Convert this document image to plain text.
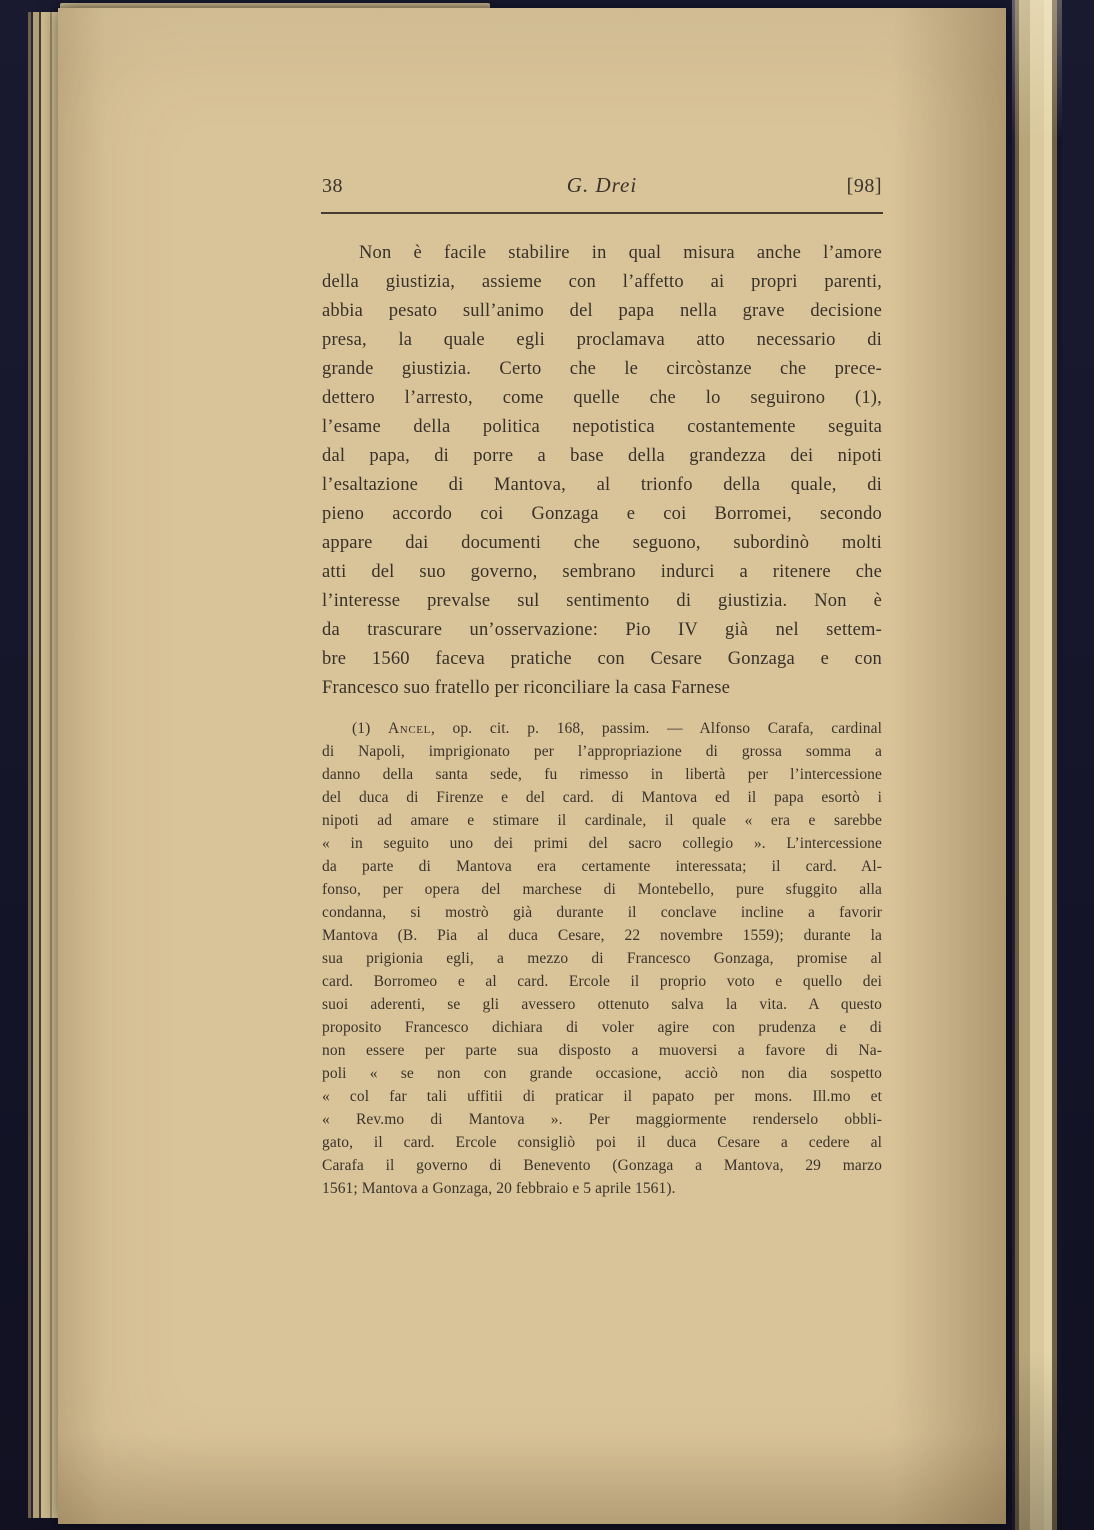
38	G. Drei	[98]
Non è facile stabilire in qual misura anche l’amore
della giustizia, assieme con l’affetto ai propri parenti,
abbia pesato sull’animo del papa nella grave decisione
presa, la quale egli proclamava atto necessario di
grande giustizia. Certo che le circòstanze che prece-
dettero l’arresto, come quelle che lo seguirono (1),
l’esame della politica nepotistica costantemente seguita
dal papa, di porre a base della grandezza dei nipoti
l’esaltazione di Mantova, al trionfo della quale, di
pieno accordo coi Gonzaga e coi Borromei, secondo
appare dai documenti che seguono, subordinò molti
atti del suo governo, sembrano indurci a ritenere che
l’interesse prevalse sul sentimento di giustizia. Non è
da trascurare un’osservazione: Pio IV già nel settem-
bre 1560 faceva pratiche con Cesare Gonzaga e con
Francesco suo fratello per riconciliare la casa Farnese
(1) Ancel, op. cit. p. 168, passim. — Alfonso Carafa, cardinal
di Napoli, imprigionato per l’appropriazione di grossa somma a
danno della santa sede, fu rimesso in libertà per l’intercessione
del duca di Firenze e del card. di Mantova ed il papa esortò i
nipoti ad amare e stimare il cardinale, il quale « era e sarebbe
« in seguito uno dei primi del sacro collegio ». L’intercessione
da parte di Mantova era certamente interessata; il card. Al-
fonso, per opera del marchese di Montebello, pure sfuggito alla
condanna, si mostrò già durante il conclave incline a favorir
Mantova (B. Pia al duca Cesare, 22 novembre 1559); durante la
sua prigionia egli, a mezzo di Francesco Gonzaga, promise al
card. Borromeo e al card. Ercole il proprio voto e quello dei
suoi aderenti, se gli avessero ottenuto salva la vita. A questo
proposito Francesco dichiara di voler agire con prudenza e di
non essere per parte sua disposto a muoversi a favore di Na-
poli « se non con grande occasione, acciò non dia sospetto
« col far tali uffitii di praticar il papato per mons. Ill.mo et
« Rev.mo di Mantova ». Per maggiormente renderselo obbli-
gato, il card. Ercole consigliò poi il duca Cesare a cedere al
Carafa il governo di Benevento (Gonzaga a Mantova, 29 marzo
1561; Mantova a Gonzaga, 20 febbraio e 5 aprile 1561).
